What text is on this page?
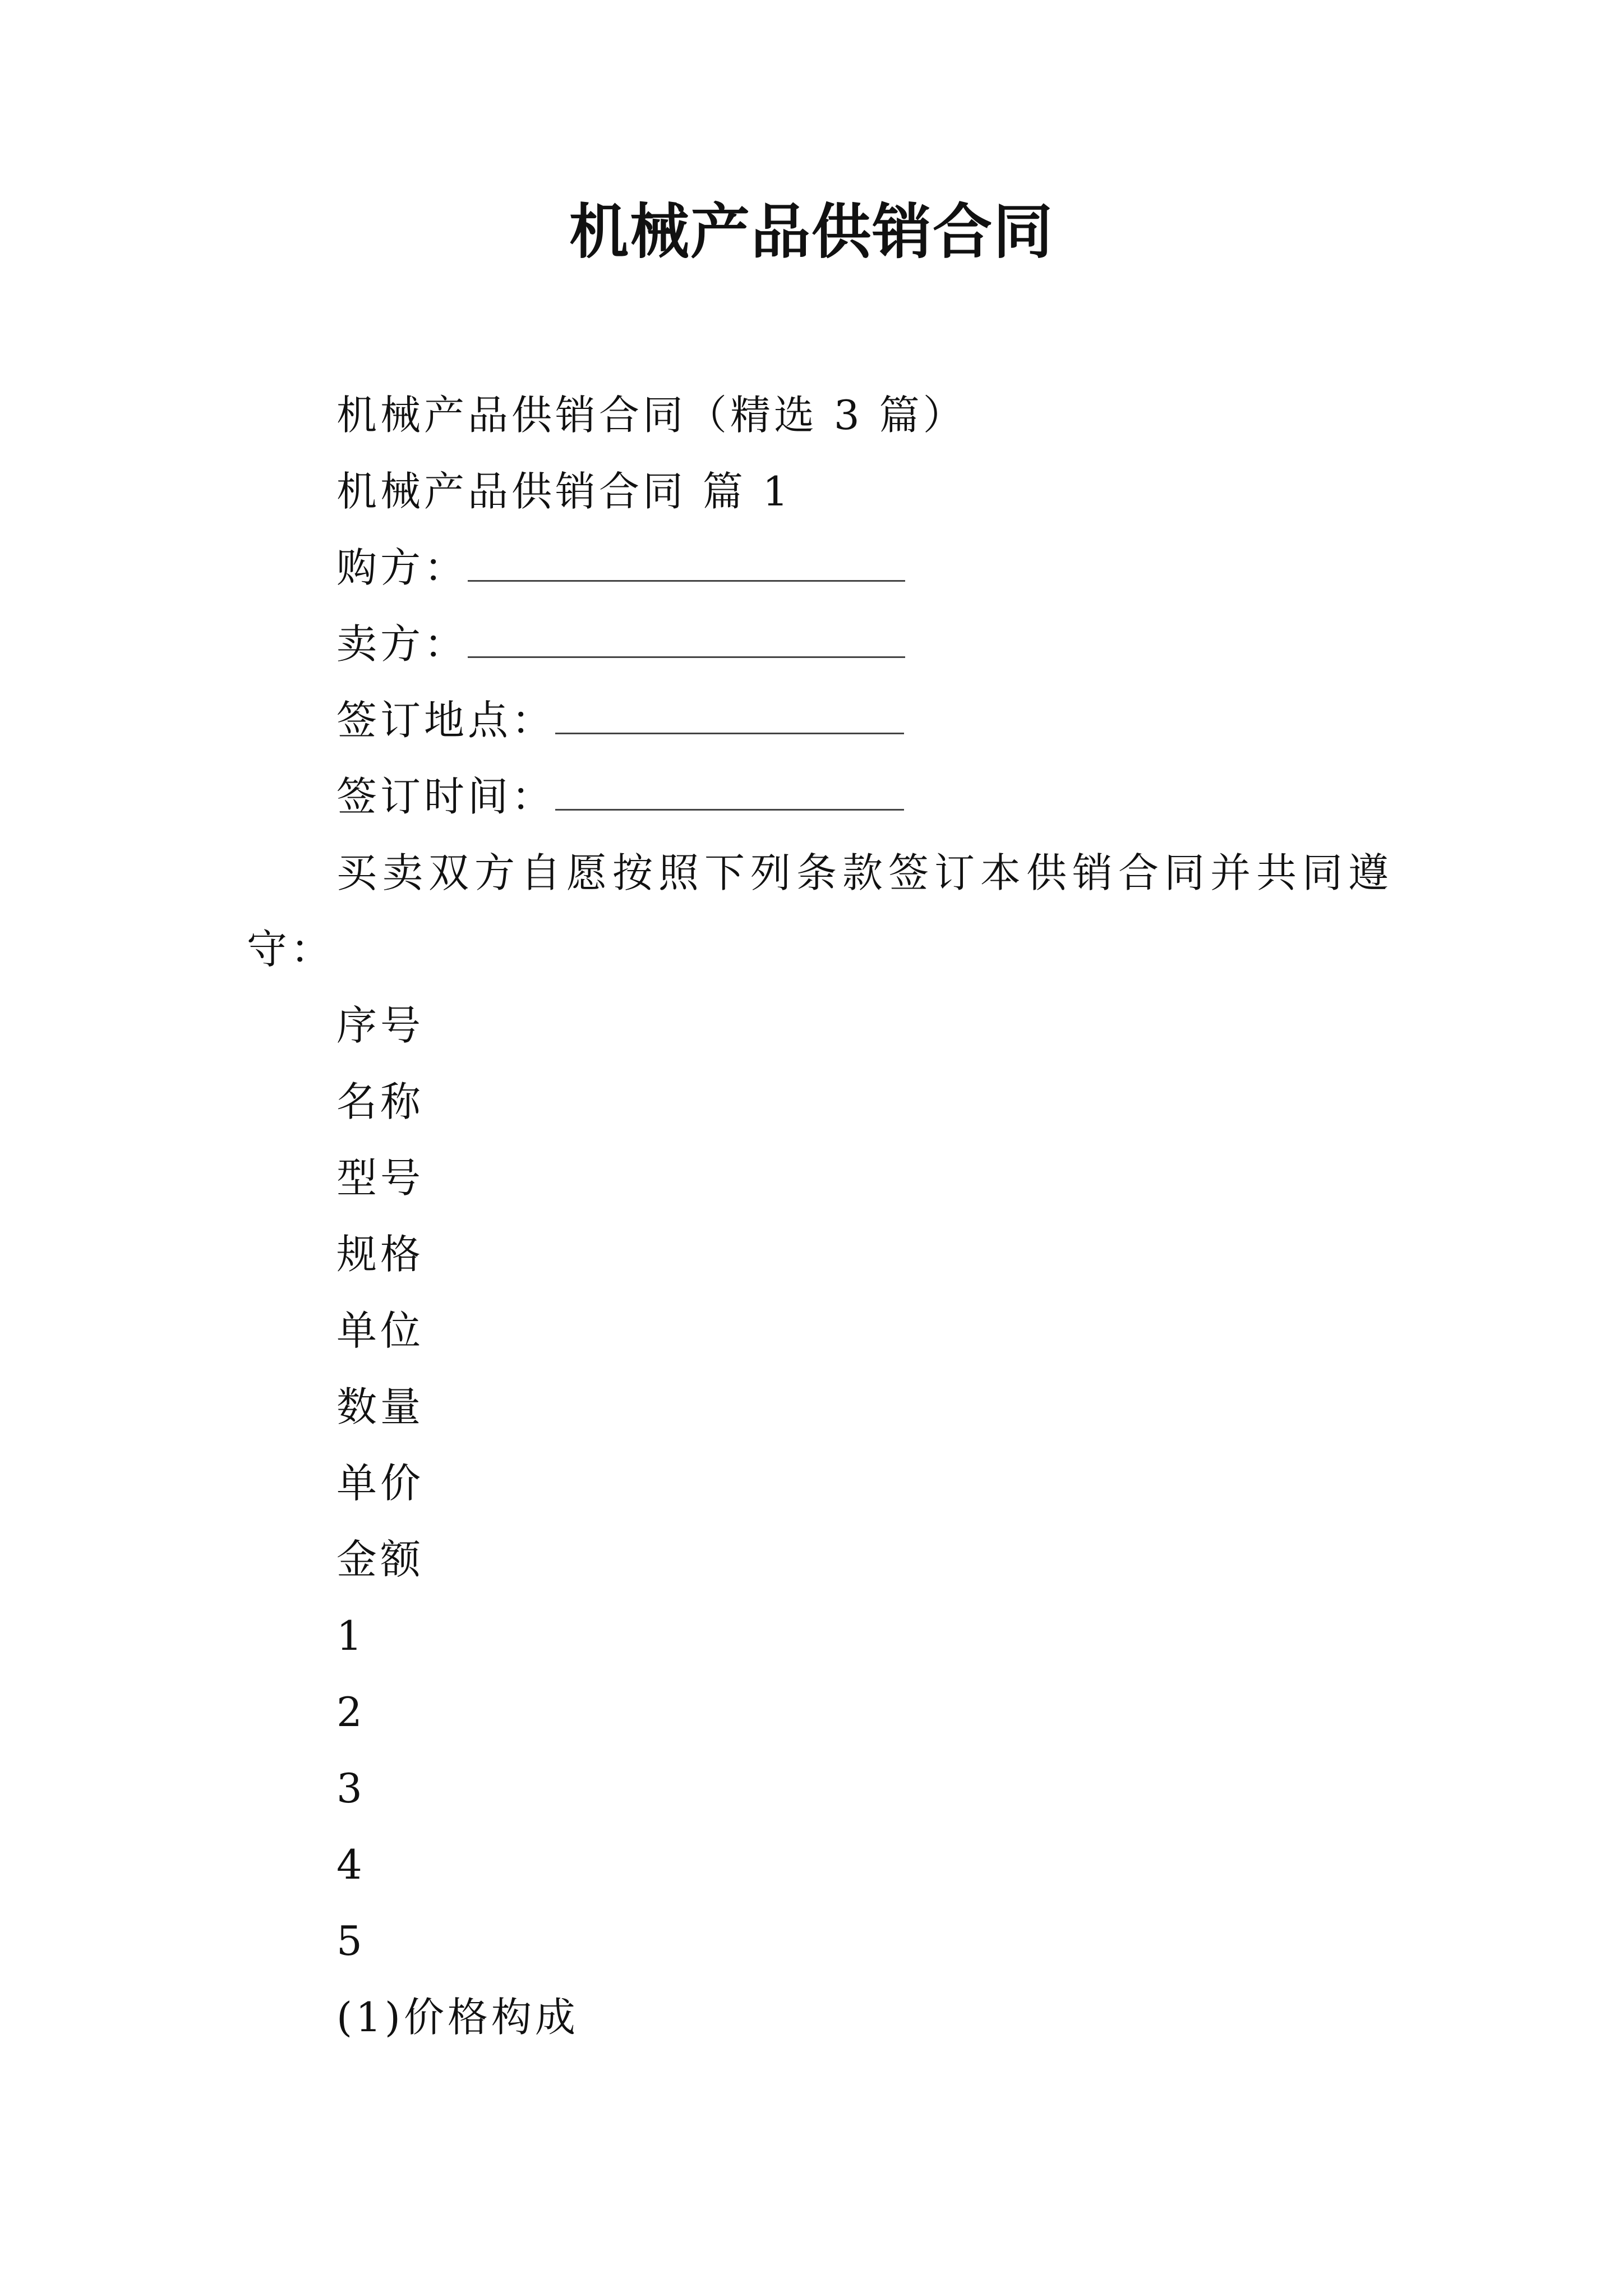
机械产品供销合同
机械产品供销合同（精选 3 篇）
机械产品供销合同 篇 1
购方：
卖方：
签订地点：
签订时间：
买卖双方自愿按照下列条款签订本供销合同并共同遵
守：
序号
名称
型号
规格
单位
数量
单价
金额
1
2
3
4
5
(1)价格构成
